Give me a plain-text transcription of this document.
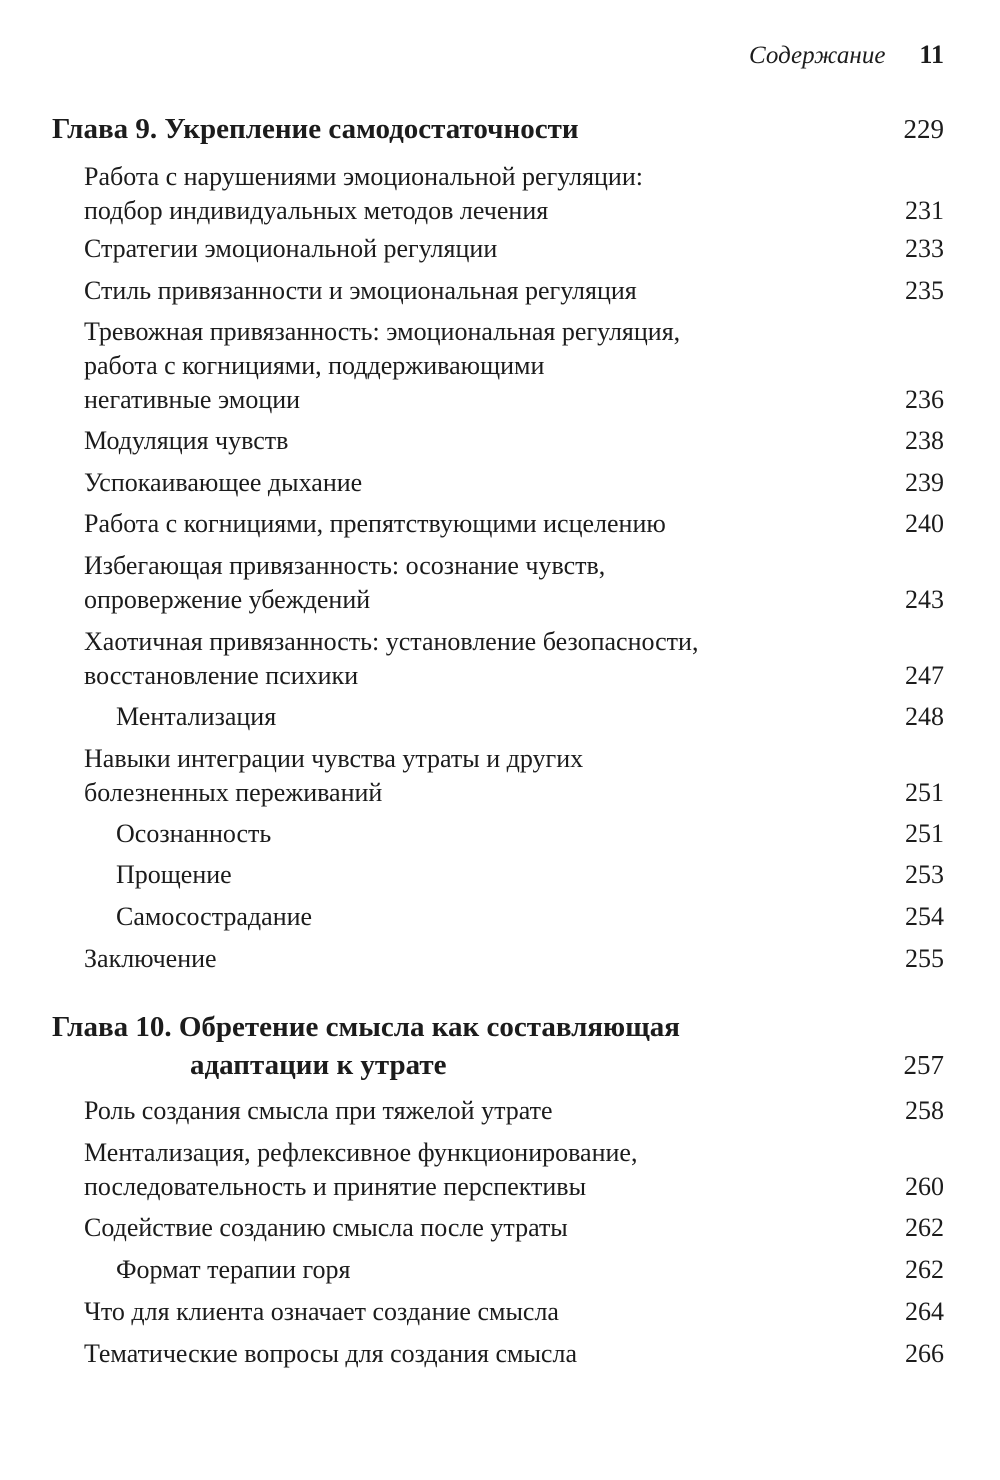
Содержание 11
Глава 9. Укрепление самодостаточности	229
Работа с нарушениями эмоциональной регуляции:
подбор индивидуальных методов лечения	231
Стратегии эмоциональной регуляции	233
Стиль привязанности и эмоциональная регуляция	235
Тревожная привязанность: эмоциональная регуляция,
работа с когнициями, поддерживающими
негативные эмоции	236
Модуляция чувств	238
Успокаивающее дыхание	239
Работа с когнициями, препятствующими исцелению	240
Избегающая привязанность: осознание чувств,
опровержение убеждений	243
Хаотичная привязанность: установление безопасности,
восстановление психики	247
Ментализация	248
Навыки интеграции чувства утраты и других
болезненных переживаний	251
Осознанность	251
Прощение	253
Самосострадание	254
Заключение	255
Глава 10. Обретение смысла как составляющая
адаптации к утрате	257
Роль создания смысла при тяжелой утрате	258
Ментализация, рефлексивное функционирование,
последовательность и принятие перспективы	260
Содействие созданию смысла после утраты	262
Формат терапии горя	262
Что для клиента означает создание смысла	264
Тематические вопросы для создания смысла	266
